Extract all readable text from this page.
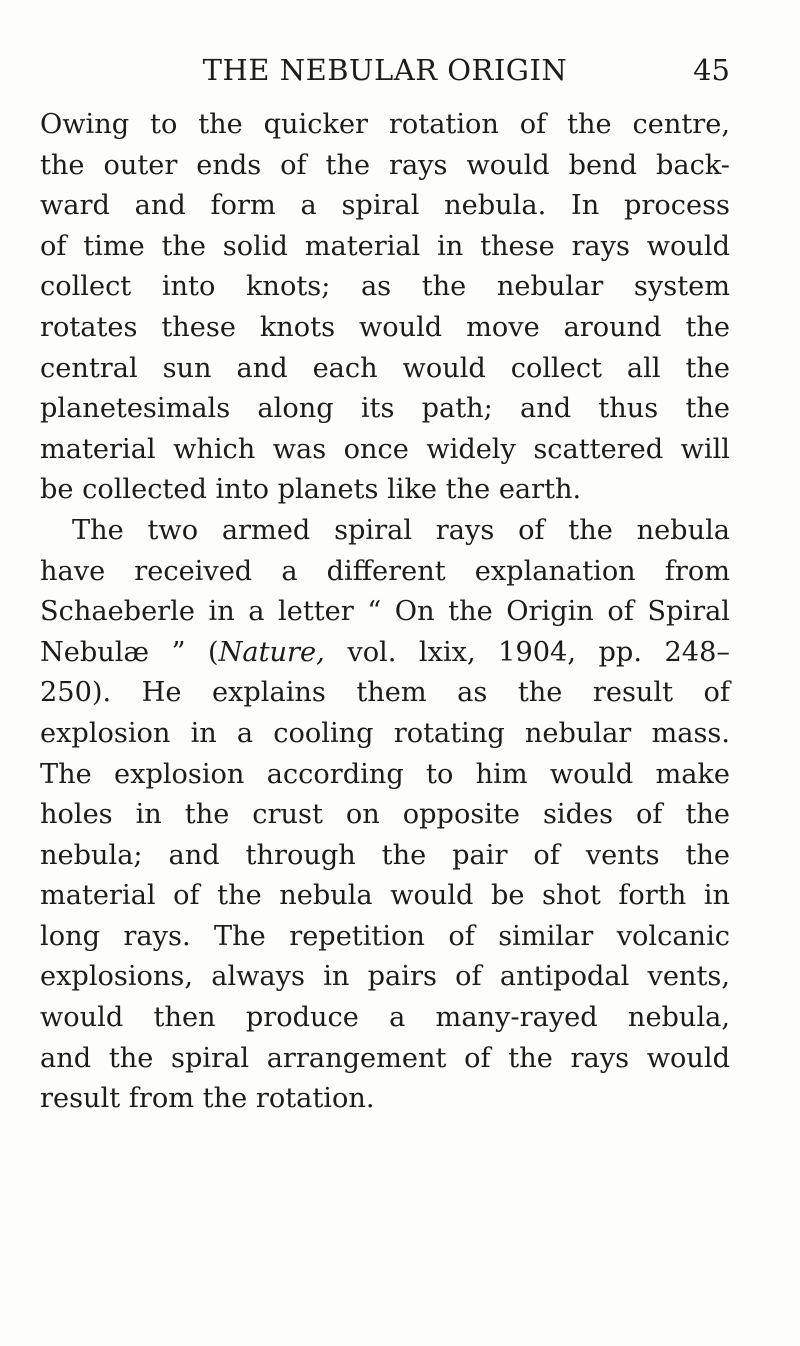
THE NEBULAR ORIGIN	45
Owing to the quicker rotation of the centre,
the outer ends of the rays would bend back-
ward and form a spiral nebula. In process
of time the solid material in these rays would
collect into knots; as the nebular system
rotates these knots would move around the
central sun and each would collect all the
planetesimals along its path; and thus the
material which was once widely scattered will
be collected into planets like the earth.
The two armed spiral rays of the nebula
have received a different explanation from
Schaeberle in a letter “ On the Origin of Spiral
Nebulæ ” (Nature, vol. lxix, 1904, pp. 248–
250). He explains them as the result of
explosion in a cooling rotating nebular mass.
The explosion according to him would make
holes in the crust on opposite sides of the
nebula; and through the pair of vents the
material of the nebula would be shot forth in
long rays. The repetition of similar volcanic
explosions, always in pairs of antipodal vents,
would then produce a many-rayed nebula,
and the spiral arrangement of the rays would
result from the rotation.
